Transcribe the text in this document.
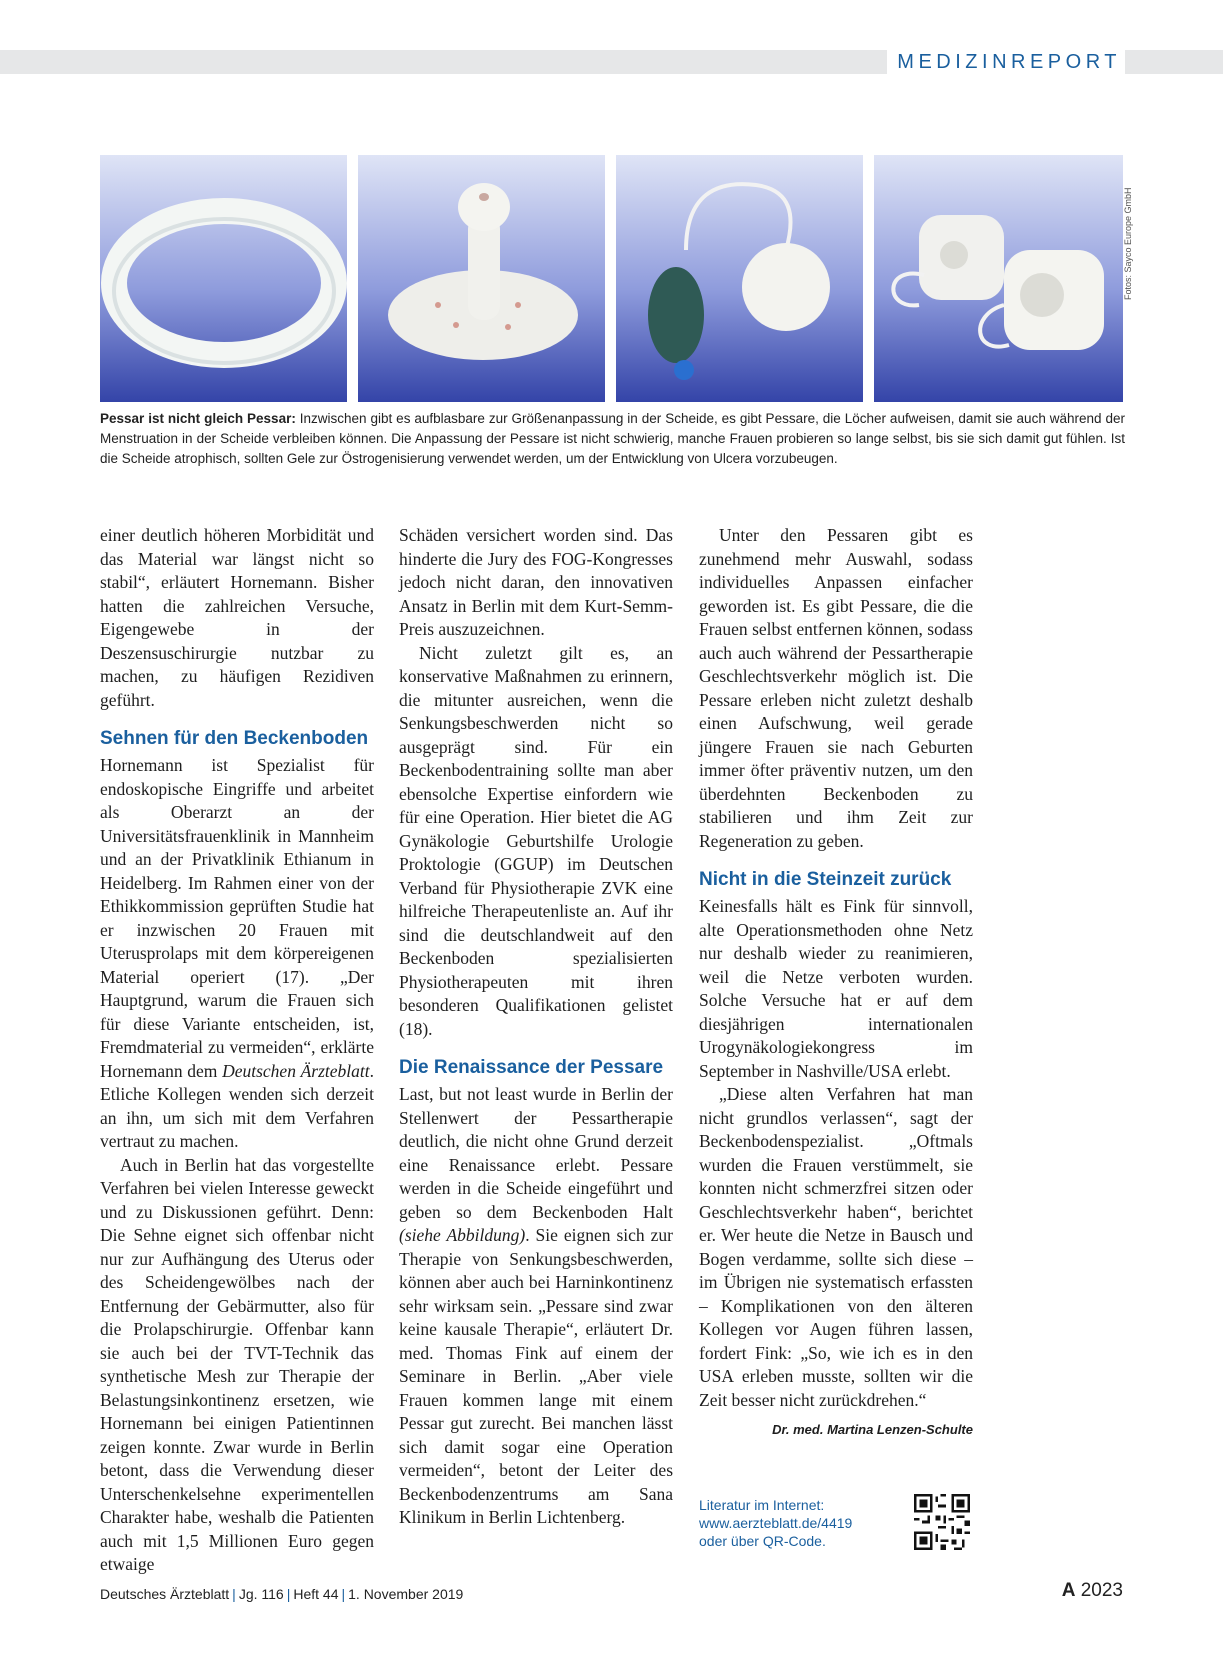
MEDIZINREPORT
Fotos: Sayco Europe GmbH
Pessar ist nicht gleich Pessar: Inzwischen gibt es aufblasbare zur Größenanpassung in der Scheide, es gibt Pessare, die Löcher aufweisen, damit sie auch während der Menstruation in der Scheide verbleiben können. Die Anpassung der Pessare ist nicht schwierig, manche Frauen probieren so lange selbst, bis sie sich damit gut fühlen. Ist die Scheide atrophisch, sollten Gele zur Östrogenisierung verwendet werden, um der Entwicklung von Ulcera vorzubeugen.

einer deutlich höheren Morbidität und das Material war längst nicht so stabil“, erläutert Hornemann. Bisher hatten die zahlreichen Versuche, Eigengewebe in der Deszensuschirurgie nutzbar zu machen, zu häufigen Rezidiven geführt.

Sehnen für den Beckenboden

Hornemann ist Spezialist für endoskopische Eingriffe und arbeitet als Oberarzt an der Universitätsfrauenklinik in Mannheim und an der Privatklinik Ethianum in Heidelberg. Im Rahmen einer von der Ethikkommission geprüften Studie hat er inzwischen 20 Frauen mit Uterusprolaps mit dem körpereigenen Material operiert (17). „Der Hauptgrund, warum die Frauen sich für diese Variante entscheiden, ist, Fremdmaterial zu vermeiden“, erklärte Hornemann dem Deutschen Ärzteblatt. Etliche Kollegen wenden sich derzeit an ihn, um sich mit dem Verfahren vertraut zu machen.

Auch in Berlin hat das vorgestellte Verfahren bei vielen Interesse geweckt und zu Diskussionen geführt. Denn: Die Sehne eignet sich offenbar nicht nur zur Aufhängung des Uterus oder des Scheidengewölbes nach der Entfernung der Gebärmutter, also für die Prolapschirurgie. Offenbar kann sie auch bei der TVT-Technik das synthetische Mesh zur Therapie der Belastungsinkontinenz ersetzen, wie Hornemann bei einigen Patientinnen zeigen konnte. Zwar wurde in Berlin betont, dass die Verwendung dieser Unterschenkelsehne experimentellen Charakter habe, weshalb die Patienten auch mit 1,5 Millionen Euro gegen etwaige

Schäden versichert worden sind. Das hinderte die Jury des FOG-Kongresses jedoch nicht daran, den innovativen Ansatz in Berlin mit dem Kurt-Semm-Preis auszuzeichnen.

Nicht zuletzt gilt es, an konservative Maßnahmen zu erinnern, die mitunter ausreichen, wenn die Senkungsbeschwerden nicht so ausgeprägt sind. Für ein Beckenbodentraining sollte man aber ebensolche Expertise einfordern wie für eine Operation. Hier bietet die AG Gynäkologie Geburtshilfe Urologie Proktologie (GGUP) im Deutschen Verband für Physiotherapie ZVK eine hilfreiche Therapeutenliste an. Auf ihr sind die deutschlandweit auf den Beckenboden spezialisierten Physiotherapeuten mit ihren besonderen Qualifikationen gelistet (18).

Die Renaissance der Pessare

Last, but not least wurde in Berlin der Stellenwert der Pessartherapie deutlich, die nicht ohne Grund derzeit eine Renaissance erlebt. Pessare werden in die Scheide eingeführt und geben so dem Beckenboden Halt (siehe Abbildung). Sie eignen sich zur Therapie von Senkungsbeschwerden, können aber auch bei Harninkontinenz sehr wirksam sein. „Pessare sind zwar keine kausale Therapie“, erläutert Dr. med. Thomas Fink auf einem der Seminare in Berlin. „Aber viele Frauen kommen lange mit einem Pessar gut zurecht. Bei manchen lässt sich damit sogar eine Operation vermeiden“, betont der Leiter des Beckenbodenzentrums am Sana Klinikum in Berlin Lichtenberg.

Unter den Pessaren gibt es zunehmend mehr Auswahl, sodass individuelles Anpassen einfacher geworden ist. Es gibt Pessare, die die Frauen selbst entfernen können, sodass auch auch während der Pessartherapie Geschlechtsverkehr möglich ist. Die Pessare erleben nicht zuletzt deshalb einen Aufschwung, weil gerade jüngere Frauen sie nach Geburten immer öfter präventiv nutzen, um den überdehnten Beckenboden zu stabilieren und ihm Zeit zur Regeneration zu geben.

Nicht in die Steinzeit zurück

Keinesfalls hält es Fink für sinnvoll, alte Operationsmethoden ohne Netz nur deshalb wieder zu reanimieren, weil die Netze verboten wurden. Solche Versuche hat er auf dem diesjährigen internationalen Urogynäkologiekongress im September in Nashville/USA erlebt.

„Diese alten Verfahren hat man nicht grundlos verlassen“, sagt der Beckenbodenspezialist. „Oftmals wurden die Frauen verstümmelt, sie konnten nicht schmerzfrei sitzen oder Geschlechtsverkehr haben“, berichtet er. Wer heute die Netze in Bausch und Bogen verdamme, sollte sich diese – im Übrigen nie systematisch erfassten – Komplikationen von den älteren Kollegen vor Augen führen lassen, fordert Fink: „So, wie ich es in den USA erleben musste, sollten wir die Zeit besser nicht zurückdrehen.“

Dr. med. Martina Lenzen-Schulte
Literatur im Internet:
www.aerzteblatt.de/4419
oder über QR-Code.
Deutsches Ärzteblatt | Jg. 116 | Heft 44 | 1. November 2019	A 2023
